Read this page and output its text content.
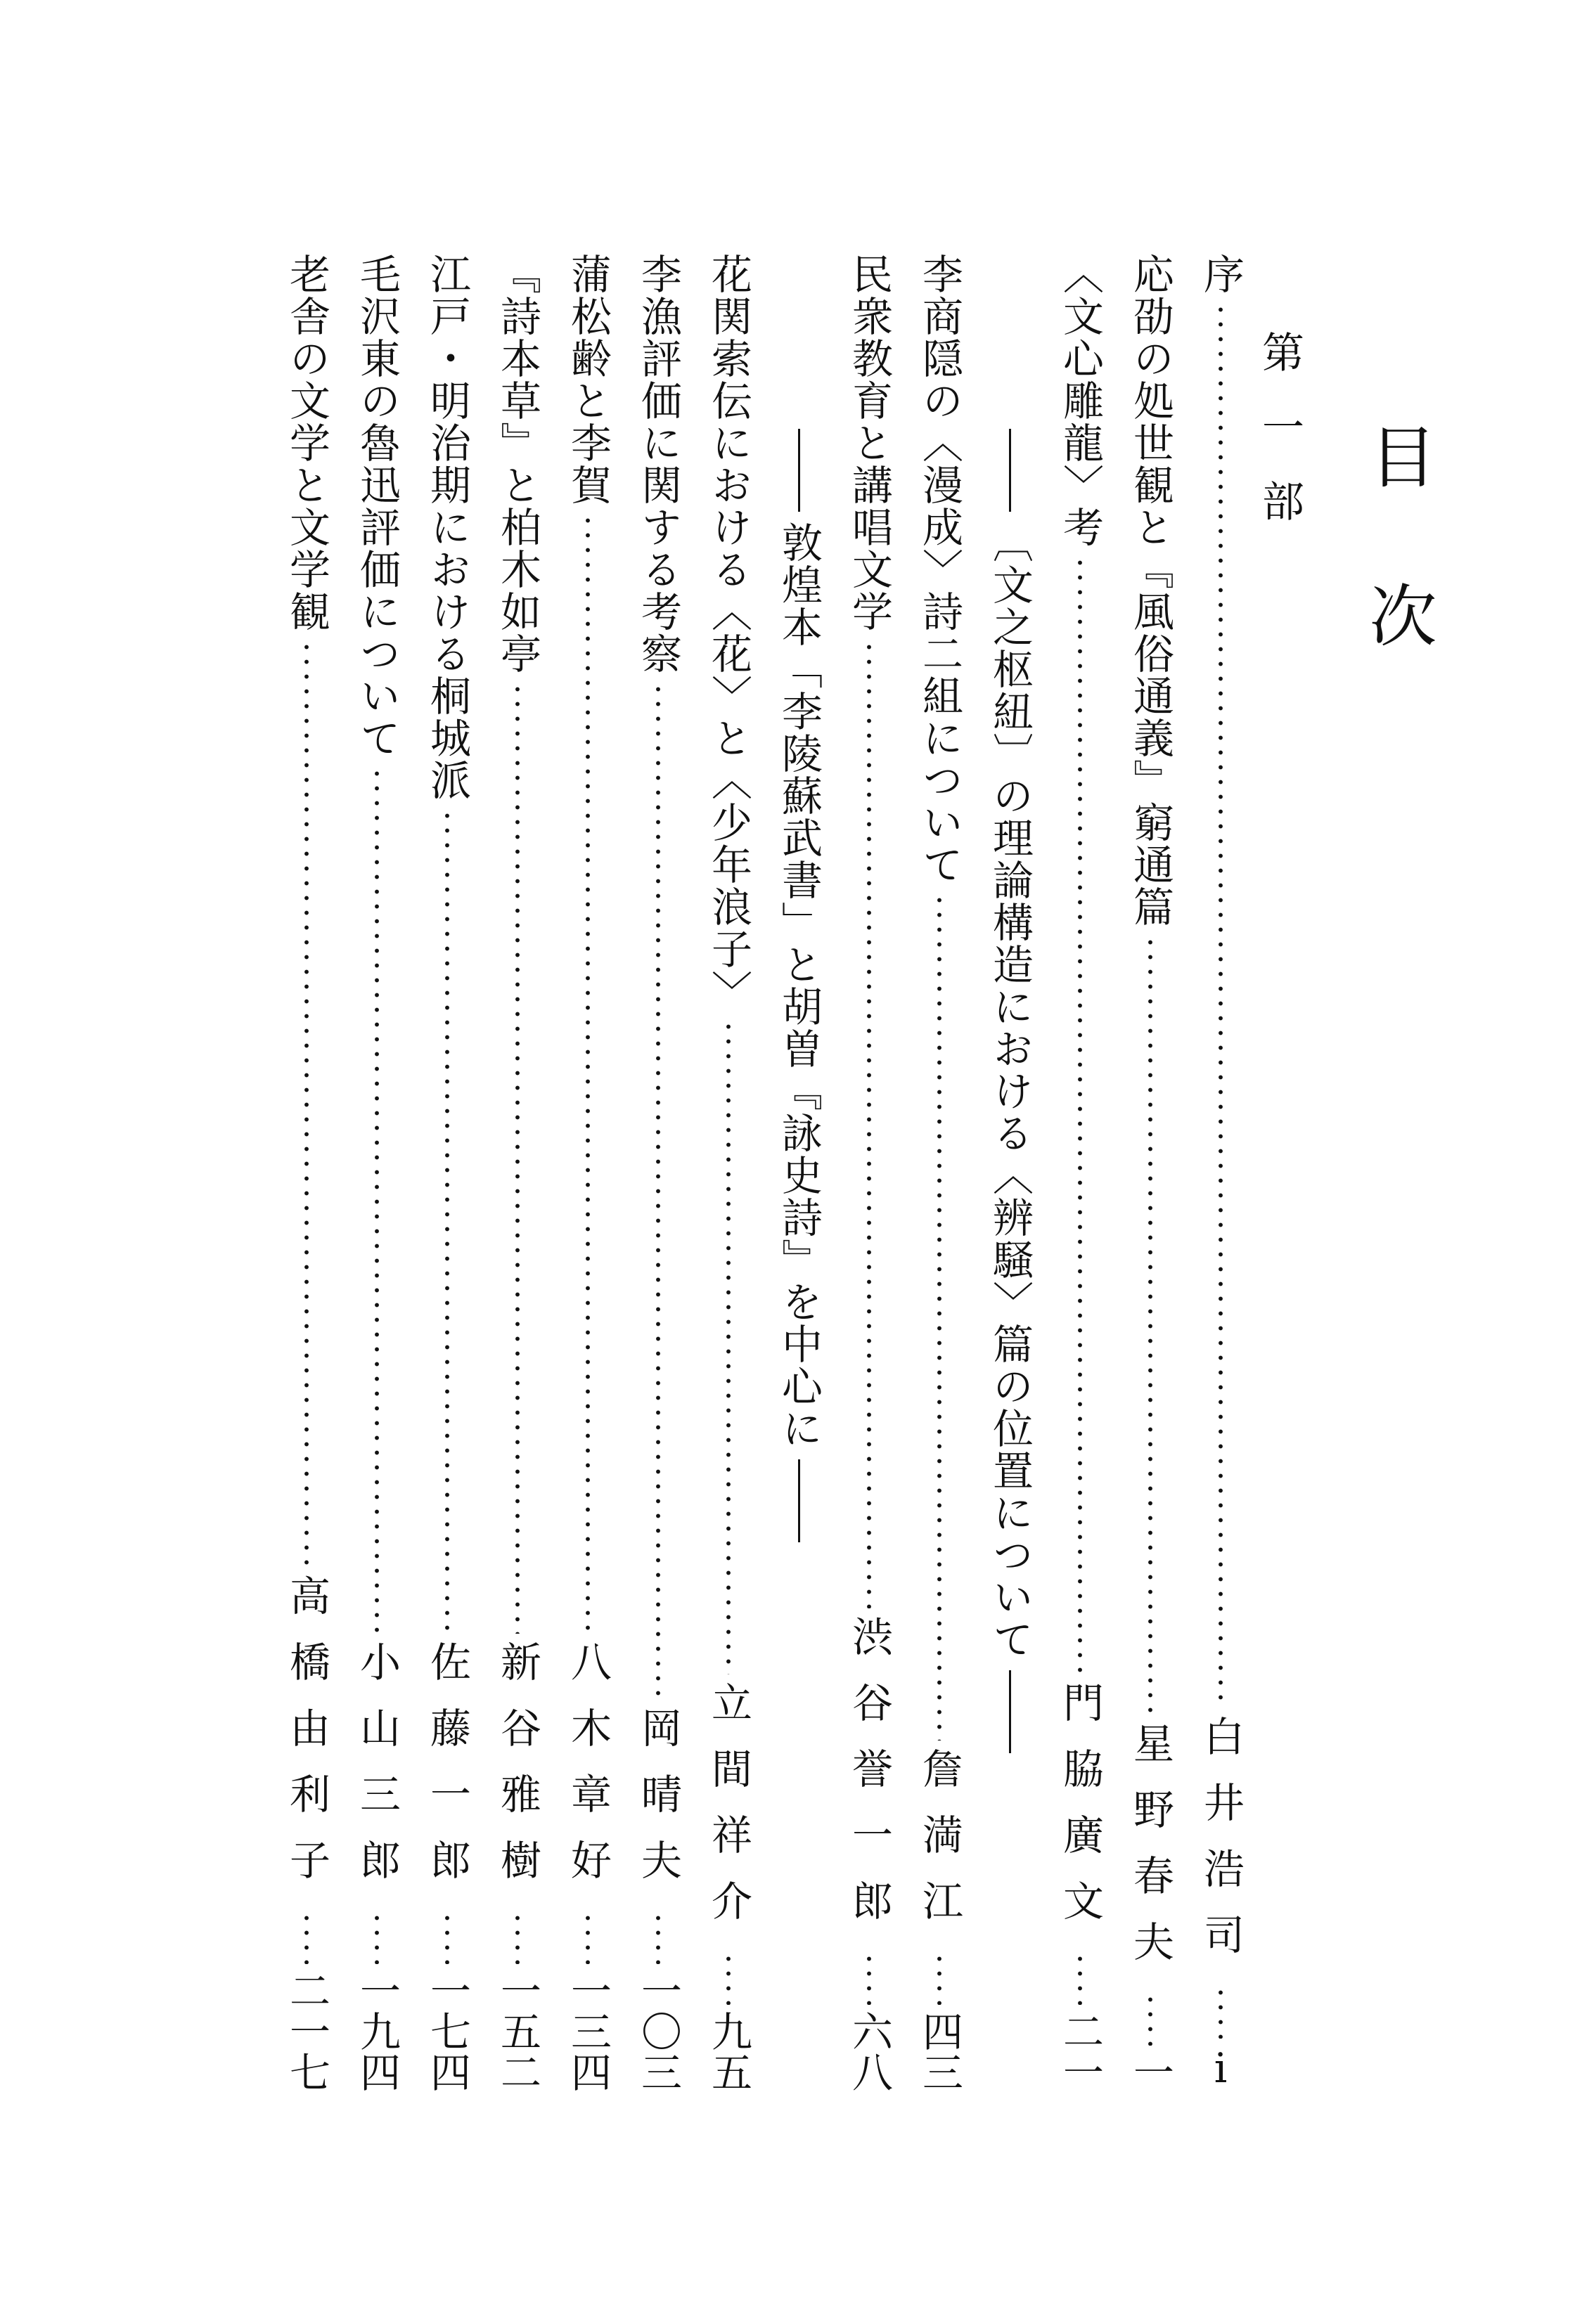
目次
第一部
序
白井浩司
i
応劭の処世観と『風俗通義』窮通篇
星野春夫
一
〈文心雕龍〉考
門脇廣文
二一
〔文之枢紐〕の理論構造における〈辨騒〉篇の位置について
李商隠の〈漫成〉詩二組について
詹満江
四三
民衆教育と講唱文学
渋谷誉一郎
六八
敦煌本「李陵蘇武書」と胡曽『詠史詩』を中心に
花関索伝における〈花〉と〈少年浪子〉
立間祥介
九五
李漁評価に関する考察
岡晴夫
一〇三
蒲松齢と李賀
八木章好
一三四
『詩本草』と柏木如亭
新谷雅樹
一五二
江戸・明治期における桐城派
佐藤一郎
一七四
毛沢東の魯迅評価について
小山三郎
一九四
老舎の文学と文学観
高橋由利子
二一七
